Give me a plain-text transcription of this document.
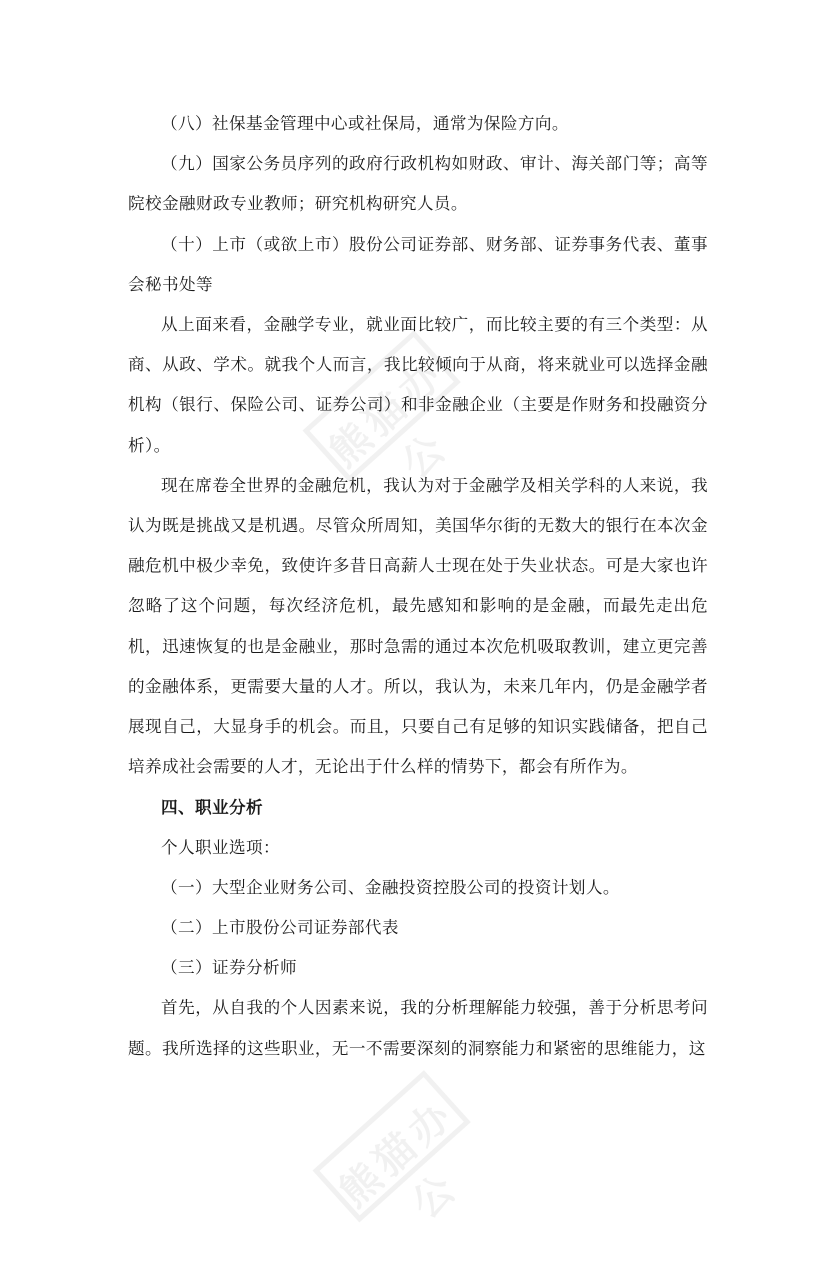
熊猫办公
熊猫办公

（八）社保基金管理中心或社保局，通常为保险方向。

（九）国家公务员序列的政府行政机构如财政、审计、海关部门等；高等院校金融财政专业教师；研究机构研究人员。

（十）上市（或欲上市）股份公司证券部、财务部、证券事务代表、董事会秘书处等

从上面来看，金融学专业，就业面比较广，而比较主要的有三个类型：从商、从政、学术。就我个人而言，我比较倾向于从商，将来就业可以选择金融机构（银行、保险公司、证券公司）和非金融企业（主要是作财务和投融资分析）。

现在席卷全世界的金融危机，我认为对于金融学及相关学科的人来说，我认为既是挑战又是机遇。尽管众所周知，美国华尔街的无数大的银行在本次金融危机中极少幸免，致使许多昔日高薪人士现在处于失业状态。可是大家也许忽略了这个问题，每次经济危机，最先感知和影响的是金融，而最先走出危机，迅速恢复的也是金融业，那时急需的通过本次危机吸取教训，建立更完善的金融体系，更需要大量的人才。所以，我认为，未来几年内，仍是金融学者展现自己，大显身手的机会。而且，只要自己有足够的知识实践储备，把自己培养成社会需要的人才，无论出于什么样的情势下，都会有所作为。

四、职业分析

个人职业选项：

（一）大型企业财务公司、金融投资控股公司的投资计划人。

（二）上市股份公司证券部代表

（三）证券分析师

首先，从自我的个人因素来说，我的分析理解能力较强，善于分析思考问题。我所选择的这些职业，无一不需要深刻的洞察能力和紧密的思维能力，这
